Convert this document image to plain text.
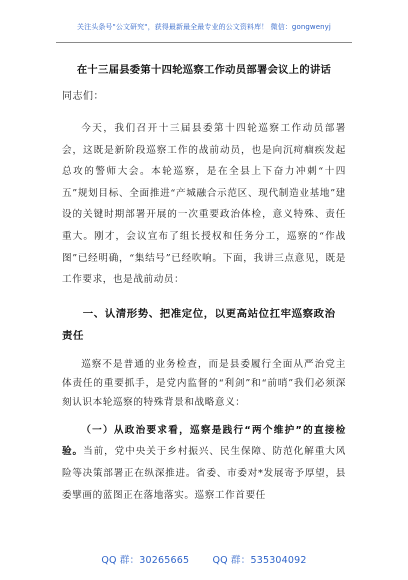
关注头条号"公文研究"，获得最新最全最专业的公文资料库！ 微信：gongwenyj
在十三届县委第十四轮巡察工作动员部署会议上的讲话

同志们：

今天，我们召开十三届县委第十四轮巡察工作动员部署会，这既是新阶段巡察工作的战前动员，也是向沉疴痼疾发起总攻的警师大会。本轮巡察，是在全县上下奋力冲刺“十四五”规划目标、全面推进“产城融合示范区、现代制造业基地”建设的关键时期部署开展的一次重要政治体检，意义特殊、责任重大。刚才，会议宣布了组长授权和任务分工，巡察的“作战图”已经明确，“集结号”已经吹响。下面，我讲三点意见，既是工作要求，也是战前动员：

一、认清形势、把准定位，以更高站位扛牢巡察政治责任

巡察不是普通的业务检查，而是县委履行全面从严治党主体责任的重要抓手，是党内监督的“利剑”和“前哨”我们必须深刻认识本轮巡察的特殊背景和战略意义：

（一）从政治要求看，巡察是践行“两个维护”的直接检验。当前，党中央关于乡村振兴、民生保障、防范化解重大风险等决策部署正在纵深推进。省委、市委对*发展寄予厚望，县委擘画的蓝图正在落地落实。巡察工作首要任

QQ 群：30265665 QQ 群：535304092
